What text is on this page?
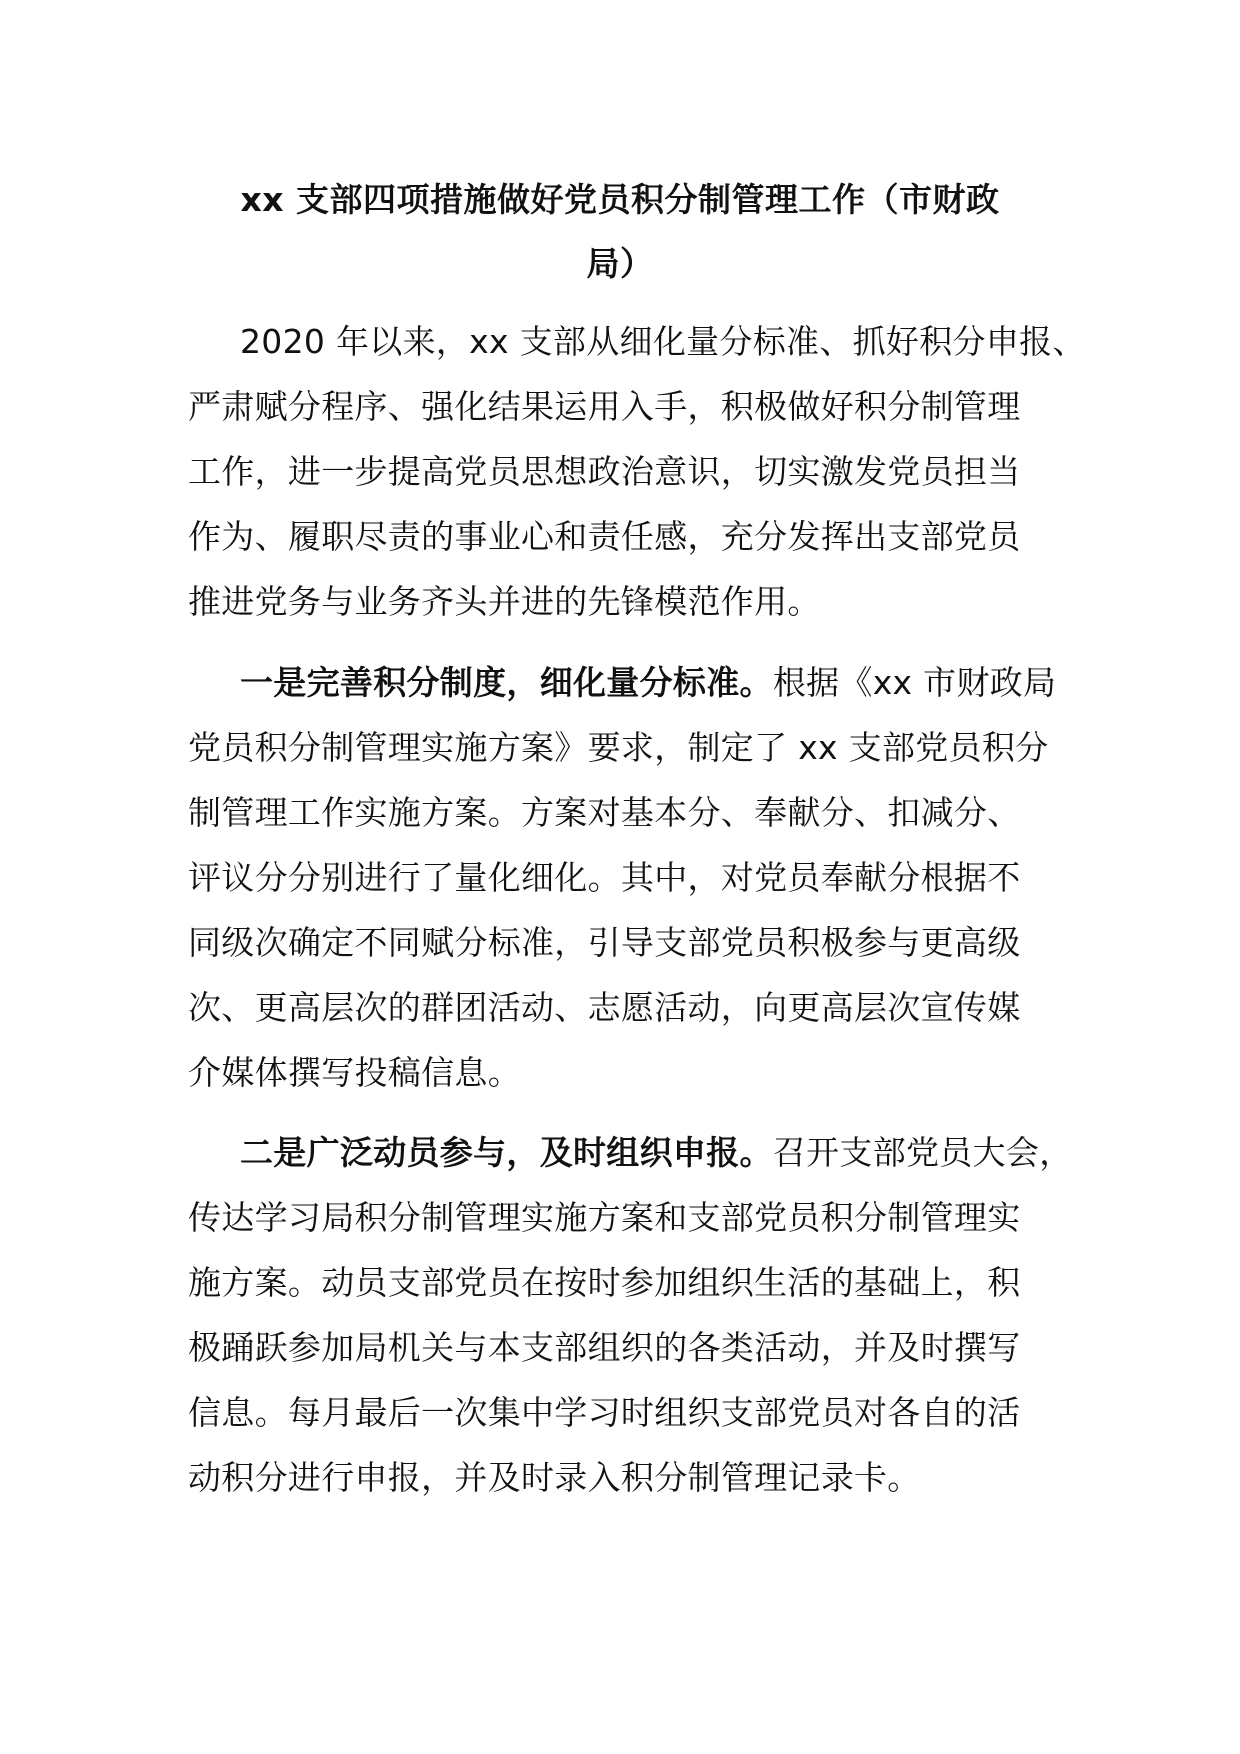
xx 支部四项措施做好党员积分制管理工作（市财政
局）

2020 年以来，xx 支部从细化量分标准、抓好积分申报、
严肃赋分程序、强化结果运用入手，积极做好积分制管理
工作，进一步提高党员思想政治意识，切实激发党员担当
作为、履职尽责的事业心和责任感，充分发挥出支部党员
推进党务与业务齐头并进的先锋模范作用。

一是完善积分制度，细化量分标准。根据《xx 市财政局
党员积分制管理实施方案》要求，制定了 xx 支部党员积分
制管理工作实施方案。方案对基本分、奉献分、扣减分、
评议分分别进行了量化细化。其中，对党员奉献分根据不
同级次确定不同赋分标准，引导支部党员积极参与更高级
次、更高层次的群团活动、志愿活动，向更高层次宣传媒
介媒体撰写投稿信息。

二是广泛动员参与，及时组织申报。召开支部党员大会，
传达学习局积分制管理实施方案和支部党员积分制管理实
施方案。动员支部党员在按时参加组织生活的基础上，积
极踊跃参加局机关与本支部组织的各类活动，并及时撰写
信息。每月最后一次集中学习时组织支部党员对各自的活
动积分进行申报，并及时录入积分制管理记录卡。
